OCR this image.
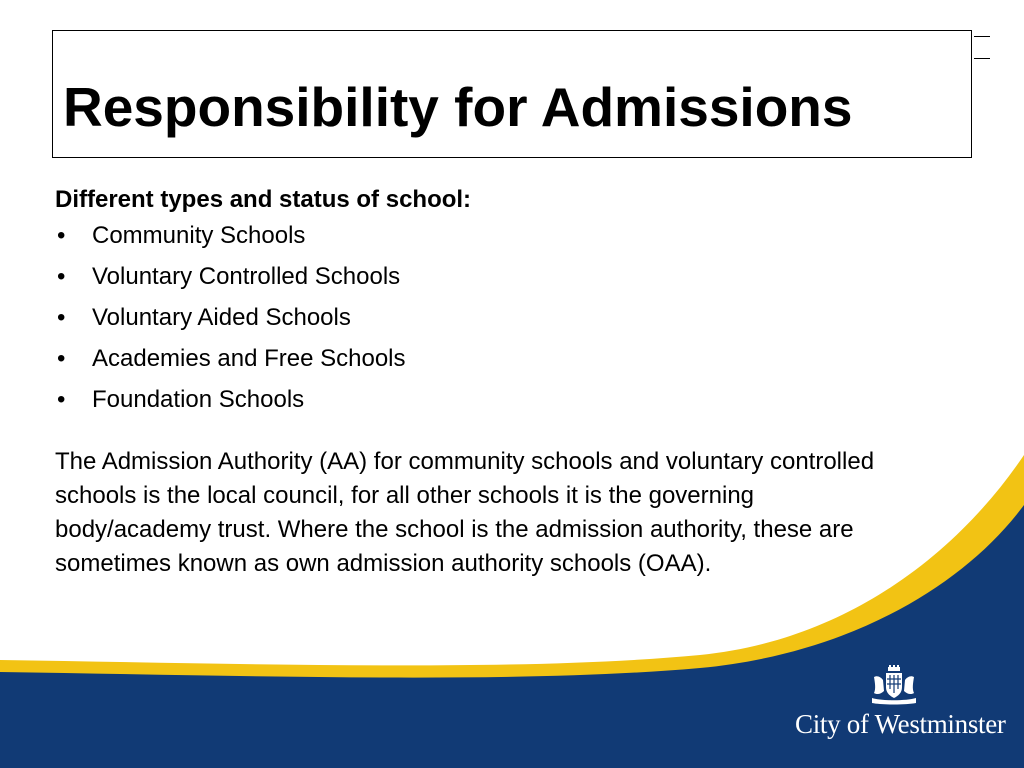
Responsibility for Admissions

Different types and status of school:

• Community Schools
• Voluntary Controlled Schools
• Voluntary Aided Schools
• Academies and Free Schools
• Foundation Schools

The Admission Authority (AA) for community schools and voluntary controlled schools is the local council, for all other schools it is the governing body/academy trust. Where the school is the admission authority, these are sometimes known as own admission authority schools (OAA).

City of Westminster
